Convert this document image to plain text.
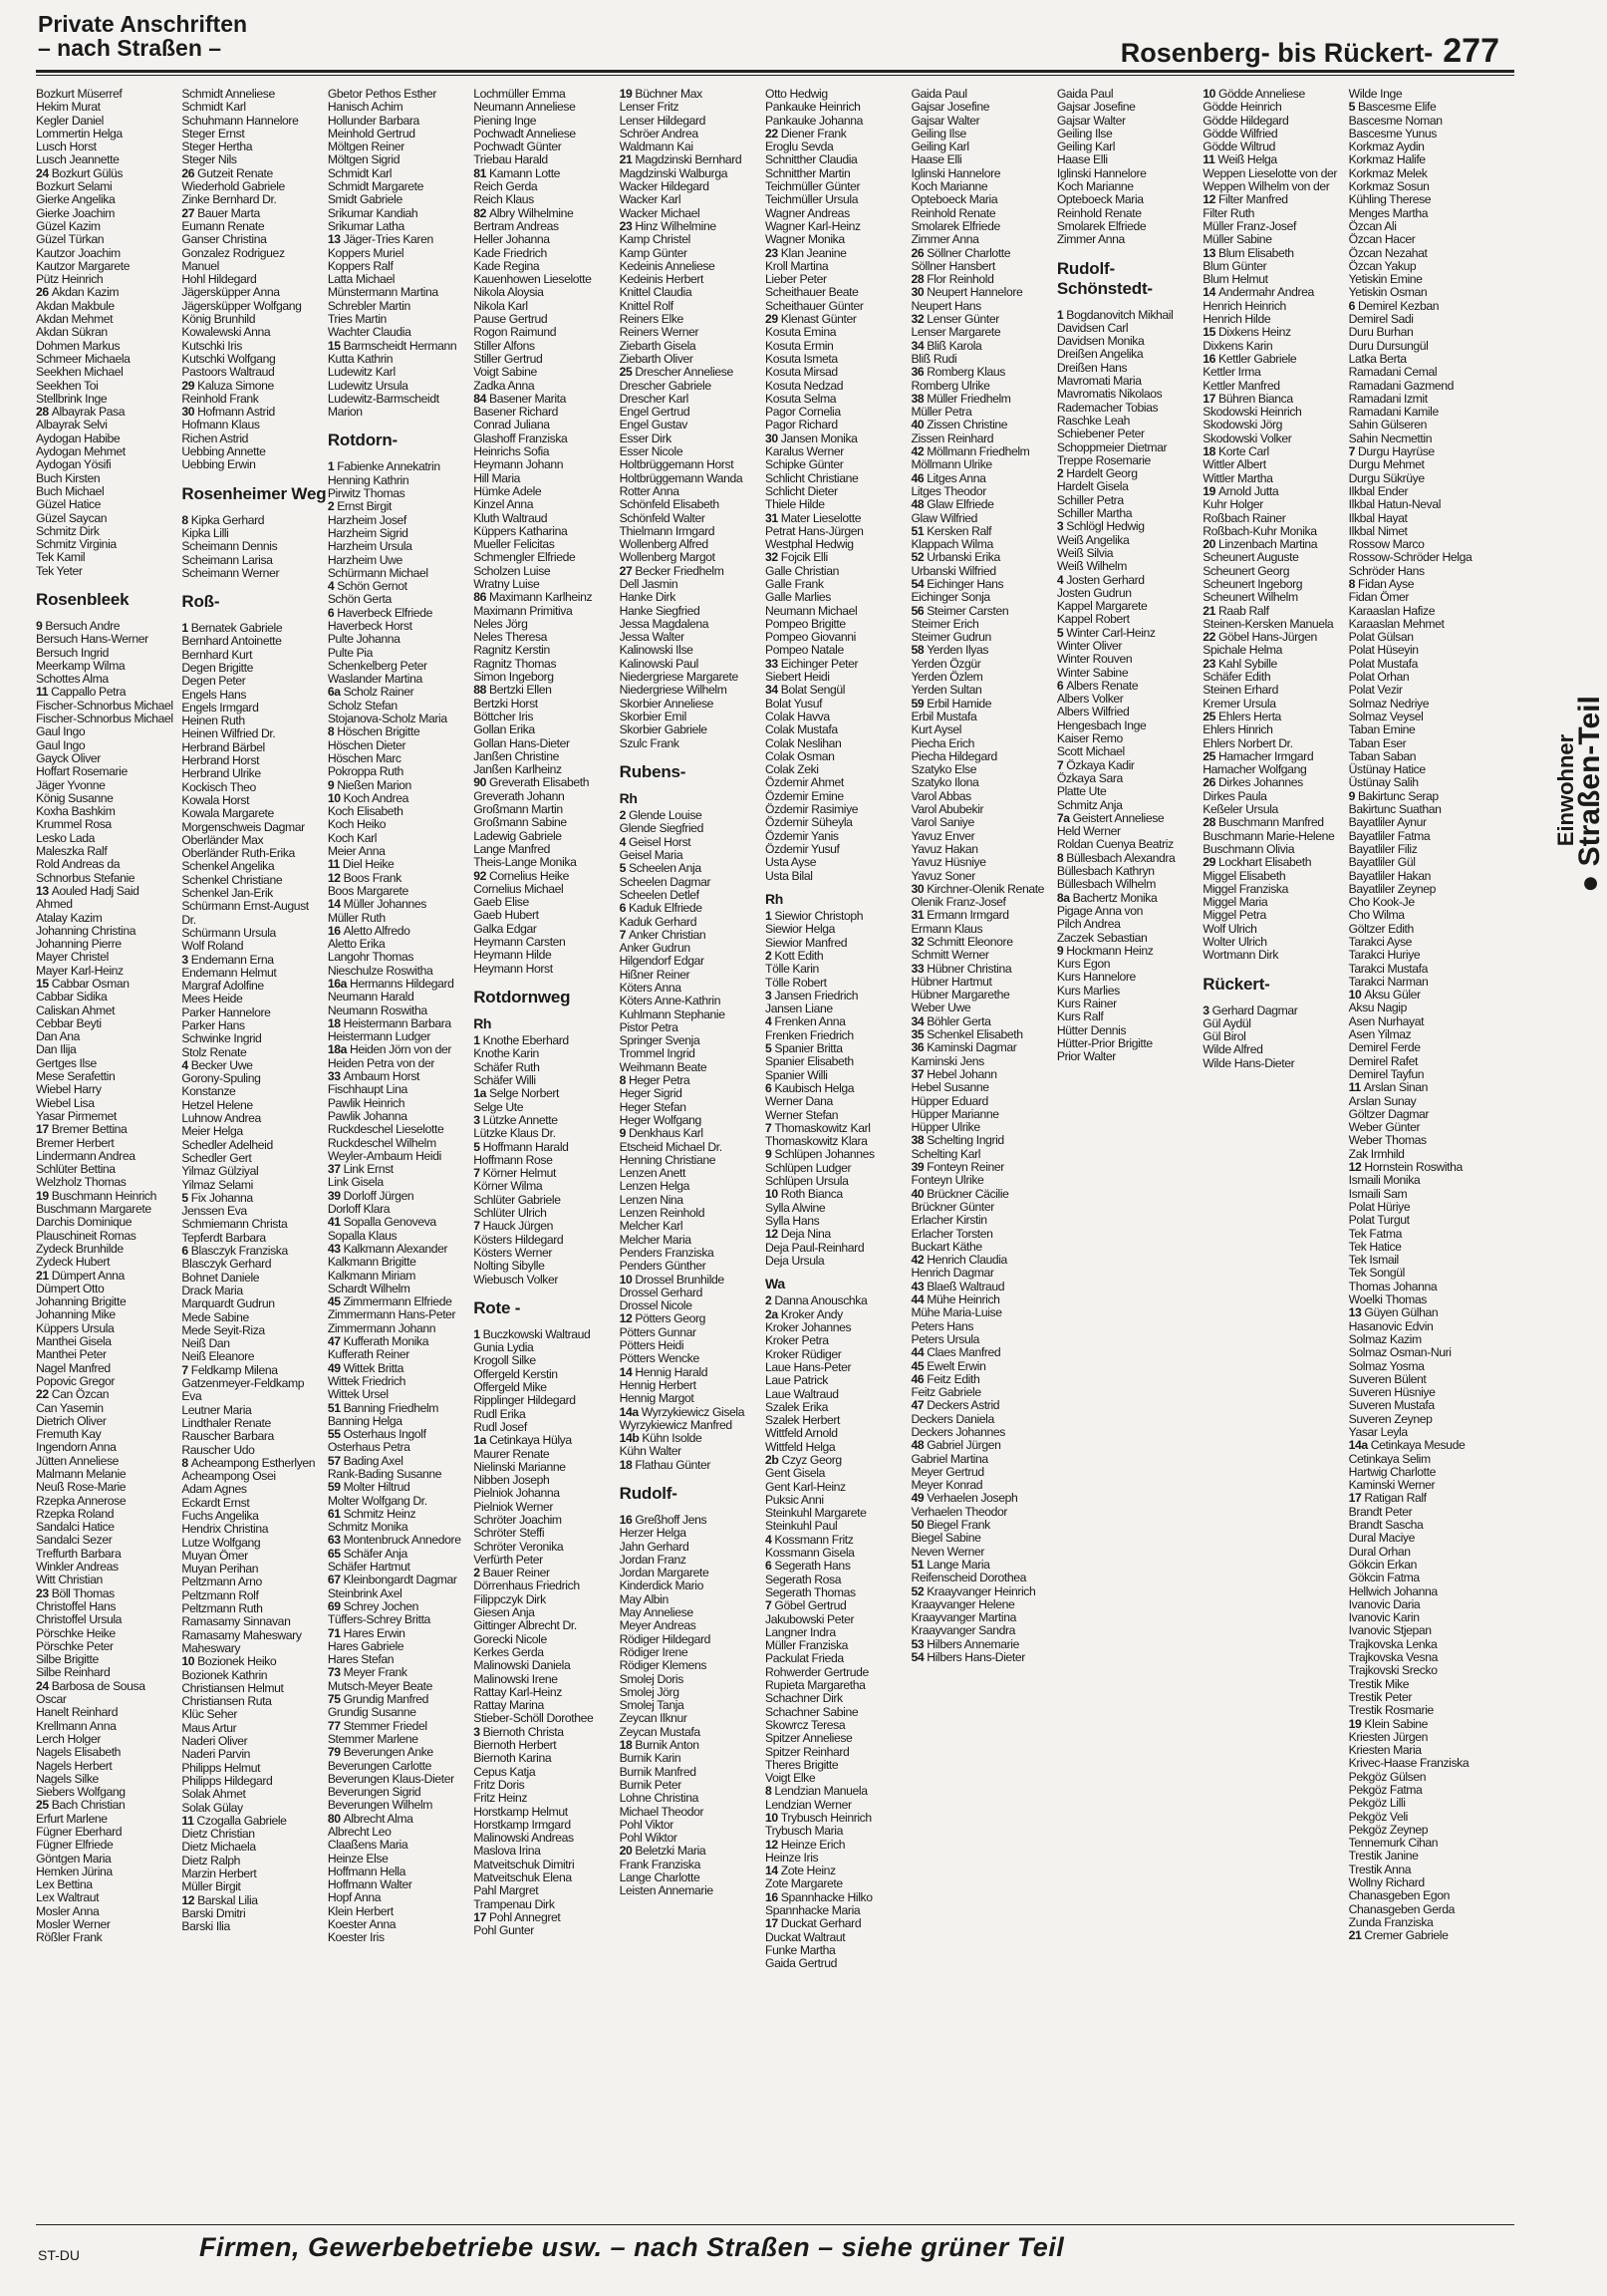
Private Anschriften
– nach Straßen –	Rosenberg- bis Rückert- 277
Bozkurt Müserref
Hekim Murat
Kegler Daniel
Lommertin Helga
Lusch Horst
Lusch Jeannette
24 Bozkurt Gülüs
Bozkurt Selami
Gierke Angelika
Gierke Joachim
Güzel Kazim
Güzel Türkan
Kautzor Joachim
Kautzor Margarete
Pütz Heinrich
26 Akdan Kazim
Akdan Makbule
Akdan Mehmet
Akdan Sükran
Dohmen Markus
Schmeer Michaela
Seekhen Michael
Seekhen Toi
Stellbrink Inge
28 Albayrak Pasa
Albayrak Selvi
Aydogan Habibe
Aydogan Mehmet
Aydogan Yösifi
Buch Kirsten
Buch Michael
Güzel Hatice
Güzel Saycan
Schmitz Dirk
Schmitz Virginia
Tek Kamil
Tek Yeter
Rosenbleek
9 Bersuch Andre
Bersuch Hans-Werner
Bersuch Ingrid
Meerkamp Wilma
Schottes Alma
11 Cappallo Petra
Fischer-Schnorbus Michael
Fischer-Schnorbus Michael
Gaul Ingo
Gaul Ingo
Gayck Oliver
Hoffart Rosemarie
Jäger Yvonne
König Susanne
Koxha Bashkim
Krummel Rosa
Lesko Lada
Maleszka Ralf
Rold Andreas da
Schnorbus Stefanie
13 Aouled Hadj Said
Ahmed
Atalay Kazim
Johanning Christina
Johanning Pierre
Mayer Christel
Mayer Karl-Heinz
15 Cabbar Osman
Cabbar Sidika
Caliskan Ahmet
Cebbar Beyti
Dan Ana
Dan Ilija
Gertges Ilse
Mese Serafettin
Wiebel Harry
Wiebel Lisa
Yasar Pirmemet
17 Bremer Bettina
Bremer Herbert
Lindermann Andrea
Schlüter Bettina
Welzholz Thomas
19 Buschmann Heinrich
Buschmann Margarete
Darchis Dominique
Plauschineit Romas
Zydeck Brunhilde
Zydeck Hubert
21 Dümpert Anna
Dümpert Otto
Johanning Brigitte
Johanning Mike
Küppers Ursula
Manthei Gisela
Manthei Peter
Nagel Manfred
Popovic Gregor
22 Can Özcan
Can Yasemin
Dietrich Oliver
Fremuth Kay
Ingendorn Anna
Jütten Anneliese
Malmann Melanie
Neuß Rose-Marie
Rzepka Annerose
Rzepka Roland
Sandalci Hatice
Sandalci Sezer
Treffurth Barbara
Winkler Andreas
Witt Christian
23 Böll Thomas
Christoffel Hans
Christoffel Ursula
Pörschke Heike
Pörschke Peter
Silbe Brigitte
Silbe Reinhard
24 Barbosa de Sousa
Oscar
Hanelt Reinhard
Krellmann Anna
Lerch Holger
Nagels Elisabeth
Nagels Herbert
Nagels Silke
Siebers Wolfgang
25 Bach Christian
Erfurt Marlene
Fügner Eberhard
Fügner Elfriede
Göntgen Maria
Hemken Jürina
Lex Bettina
Lex Waltraut
Mosler Anna
Mosler Werner
Rößler Frank
Schmidt Anneliese
Schmidt Karl
Schuhmann Hannelore
Steger Ernst
Steger Hertha
Steger Nils
26 Gutzeit Renate
Wiederhold Gabriele
Zinke Bernhard Dr.
27 Bauer Marta
Eumann Renate
Ganser Christina
Gonzalez Rodriguez
Manuel
Hohl Hildegard
Jägersküpper Anna
Jägersküpper Wolfgang
König Brunhild
Kowalewski Anna
Kutschki Iris
Kutschki Wolfgang
Pastoors Waltraud
29 Kaluza Simone
Reinhold Frank
30 Hofmann Astrid
Hofmann Klaus
Richen Astrid
Uebbing Annette
Uebbing Erwin
Rosenheimer Weg
8 Kipka Gerhard
Kipka Lilli
Scheimann Dennis
Scheimann Larisa
Scheimann Werner
Roß-
1 Bernatek Gabriele
Bernhard Antoinette
Bernhard Kurt
Degen Brigitte
Degen Peter
Engels Hans
Engels Irmgard
Heinen Ruth
Heinen Wilfried Dr.
Herbrand Bärbel
Herbrand Horst
Herbrand Ulrike
Kockisch Theo
Kowala Horst
Kowala Margarete
Morgenschweis Dagmar
Oberländer Max
Oberländer Ruth-Erika
Schenkel Angelika
Schenkel Christiane
Schenkel Jan-Erik
Schürmann Ernst-August
Dr.
Schürmann Ursula
Wolf Roland
3 Endemann Erna
Endemann Helmut
Margraf Adolfine
Mees Heide
Parker Hannelore
Parker Hans
Schwinke Ingrid
Stolz Renate
4 Becker Uwe
Gorony-Spuling
Konstanze
Hetzel Helene
Luhnow Andrea
Meier Helga
Schedler Adelheid
Schedler Gert
Yilmaz Gülziyal
Yilmaz Selami
5 Fix Johanna
Jenssen Eva
Schmiemann Christa
Tepferdt Barbara
6 Blasczyk Franziska
Blasczyk Gerhard
Bohnet Daniele
Drack Maria
Marquardt Gudrun
Mede Sabine
Mede Seyit-Riza
Neiß Dan
Neiß Eleanore
7 Feldkamp Milena
Gatzenmeyer-Feldkamp
Eva
Leutner Maria
Lindthaler Renate
Rauscher Barbara
Rauscher Udo
8 Acheampong Estherlyen
Acheampong Osei
Adam Agnes
Eckardt Ernst
Fuchs Angelika
Hendrix Christina
Lutze Wolfgang
Muyan Ömer
Muyan Perihan
Peltzmann Arno
Peltzmann Rolf
Peltzmann Ruth
Ramasamy Sinnavan
Ramasamy Maheswary
Maheswary
10 Bozionek Heiko
Bozionek Kathrin
Christiansen Helmut
Christiansen Ruta
Klüc Seher
Maus Artur
Naderi Oliver
Naderi Parvin
Philipps Helmut
Philipps Hildegard
Solak Ahmet
Solak Gülay
11 Czogalla Gabriele
Dietz Christian
Dietz Michaela
Dietz Ralph
Marzin Herbert
Müller Birgit
12 Barskal Lilia
Barski Dmitri
Barski Ilia
Gbetor Pethos Esther
Hanisch Achim
Hollunder Barbara
Meinhold Gertrud
Möltgen Reiner
Möltgen Sigrid
Schmidt Karl
Schmidt Margarete
Smidt Gabriele
Srikumar Kandiah
Srikumar Latha
13 Jäger-Tries Karen
Koppers Muriel
Koppers Ralf
Latta Michael
Münstermann Martina
Schrebler Martin
Tries Martin
Wachter Claudia
15 Barmscheidt Hermann
Kutta Kathrin
Ludewitz Karl
Ludewitz Ursula
Ludewitz-Barmscheidt
Marion
Rotdorn-
1 Fabienke Annekatrin
Henning Kathrin
Pirwitz Thomas
2 Ernst Birgit
Harzheim Josef
Harzheim Sigrid
Harzheim Ursula
Harzheim Uwe
Schürmann Michael
4 Schön Gernot
Schön Gerta
6 Haverbeck Elfriede
Haverbeck Horst
Pulte Johanna
Pulte Pia
Schenkelberg Peter
Waslander Martina
6a Scholz Rainer
Scholz Stefan
Stojanova-Scholz Maria
8 Höschen Brigitte
Höschen Dieter
Höschen Marc
Pokroppa Ruth
9 Nießen Marion
10 Koch Andrea
Koch Elisabeth
Koch Heiko
Koch Karl
Meier Anna
11 Diel Heike
12 Boos Frank
Boos Margarete
14 Müller Johannes
Müller Ruth
16 Aletto Alfredo
Aletto Erika
Langohr Thomas
Nieschulze Roswitha
16a Hermanns Hildegard
Neumann Harald
Neumann Roswitha
18 Heistermann Barbara
Heistermann Ludger
18a Heiden Jörn von der
Heiden Petra von der
33 Ambaum Horst
Fischhaupt Lina
Pawlik Heinrich
Pawlik Johanna
Ruckdeschel Lieselotte
Ruckdeschel Wilhelm
Weyler-Ambaum Heidi
37 Link Ernst
Link Gisela
39 Dorloff Jürgen
Dorloff Klara
41 Sopalla Genoveva
Sopalla Klaus
43 Kalkmann Alexander
Kalkmann Brigitte
Kalkmann Miriam
Schardt Wilhelm
45 Zimmermann Elfriede
Zimmermann Hans-Peter
Zimmermann Johann
47 Kufferath Monika
Kufferath Reiner
49 Wittek Britta
Wittek Friedrich
Wittek Ursel
51 Banning Friedhelm
Banning Helga
55 Osterhaus Ingolf
Osterhaus Petra
57 Bading Axel
Rank-Bading Susanne
59 Molter Hiltrud
Molter Wolfgang Dr.
61 Schmitz Heinz
Schmitz Monika
63 Montenbruck Annedore
65 Schäfer Anja
Schäfer Hartmut
67 Kleinbongardt Dagmar
Steinbrink Axel
69 Schrey Jochen
Tüffers-Schrey Britta
71 Hares Erwin
Hares Gabriele
Hares Stefan
73 Meyer Frank
Mutsch-Meyer Beate
75 Grundig Manfred
Grundig Susanne
77 Stemmer Friedel
Stemmer Marlene
79 Beverungen Anke
Beverungen Carlotte
Beverungen Klaus-Dieter
Beverungen Sigrid
Beverungen Wilhelm
80 Albrecht Alma
Albrecht Leo
Claaßens Maria
Heinze Else
Hoffmann Hella
Hoffmann Walter
Hopf Anna
Klein Herbert
Koester Anna
Koester Iris
Lochmüller Emma
Neumann Anneliese
Piening Inge
Pochwadt Anneliese
Pochwadt Günter
Triebau Harald
81 Kamann Lotte
Reich Gerda
Reich Klaus
82 Albry Wilhelmine
Bertram Andreas
Heller Johanna
Kade Friedrich
Kade Regina
Kauenhowen Lieselotte
Nikola Aloysia
Nikola Karl
Pause Gertrud
Rogon Raimund
Stiller Alfons
Stiller Gertrud
Voigt Sabine
Zadka Anna
84 Basener Marita
Basener Richard
Conrad Juliana
Glashoff Franziska
Heinrichs Sofia
Heymann Johann
Hill Maria
Hümke Adele
Kinzel Anna
Kluth Waltraud
Küppers Katharina
Mueller Felicitas
Schmengler Elfriede
Scholzen Luise
Wratny Luise
86 Maximann Karlheinz
Maximann Primitiva
Neles Jörg
Neles Theresa
Ragnitz Kerstin
Ragnitz Thomas
Simon Ingeborg
88 Bertzki Ellen
Bertzki Horst
Böttcher Iris
Gollan Erika
Gollan Hans-Dieter
Janßen Christine
Janßen Karlheinz
90 Greverath Elisabeth
Greverath Johann
Großmann Martin
Großmann Sabine
Ladewig Gabriele
Lange Manfred
Theis-Lange Monika
92 Cornelius Heike
Cornelius Michael
Gaeb Elise
Gaeb Hubert
Galka Edgar
Heymann Carsten
Heymann Hilde
Heymann Horst
Rotdornweg
Rh
1 Knothe Eberhard
Knothe Karin
Schäfer Ruth
Schäfer Willi
1a Selge Norbert
Selge Ute
3 Lützke Annette
Lützke Klaus Dr.
5 Hoffmann Harald
Hoffmann Rose
7 Körner Helmut
Körner Wilma
Schlüter Gabriele
Schlüter Ulrich
7 Hauck Jürgen
Kösters Hildegard
Kösters Werner
Nolting Sibylle
Wiebusch Volker
Rote -
1 Buczkowski Waltraud
Gunia Lydia
Krogoll Silke
Offergeld Kerstin
Offergeld Mike
Ripplinger Hildegard
Rudl Erika
Rudl Josef
1a Cetinkaya Hülya
Maurer Renate
Nielinski Marianne
Nibben Joseph
Pielniok Johanna
Pielniok Werner
Schröter Joachim
Schröter Steffi
Schröter Veronika
Verfürth Peter
2 Bauer Reiner
Dörrenhaus Friedrich
Filippczyk Dirk
Giesen Anja
Gittinger Albrecht Dr.
Gorecki Nicole
Kerkes Gerda
Malinowski Daniela
Malinowski Irene
Rattay Karl-Heinz
Rattay Marina
Stieber-Schöll Dorothee
3 Biernoth Christa
Biernoth Herbert
Biernoth Karina
Cepus Katja
Fritz Doris
Fritz Heinz
Horstkamp Helmut
Horstkamp Irmgard
Malinowski Andreas
Maslova Irina
Matveitschuk Dimitri
Matveitschuk Elena
Pahl Margret
Trampenau Dirk
17 Pohl Annegret
Pohl Gunter
19 Büchner Max
Lenser Fritz
Lenser Hildegard
Schröer Andrea
Waldmann Kai
21 Magdzinski Bernhard
Magdzinski Walburga
Wacker Hildegard
Wacker Karl
Wacker Michael
23 Hinz Wilhelmine
Kamp Christel
Kamp Günter
Kedeinis Anneliese
Kedeinis Herbert
Knittel Claudia
Knittel Rolf
Reiners Elke
Reiners Werner
Ziebarth Gisela
Ziebarth Oliver
25 Drescher Anneliese
Drescher Gabriele
Drescher Karl
Engel Gertrud
Engel Gustav
Esser Dirk
Esser Nicole
Holtbrüggemann Horst
Holtbrüggemann Wanda
Rotter Anna
Schönfeld Elisabeth
Schönfeld Walter
Thielmann Irmgard
Wollenberg Alfred
Wollenberg Margot
27 Becker Friedhelm
Dell Jasmin
Hanke Dirk
Hanke Siegfried
Jessa Magdalena
Jessa Walter
Kalinowski Ilse
Kalinowski Paul
Niedergriese Margarete
Niedergriese Wilhelm
Skorbier Anneliese
Skorbier Emil
Skorbier Gabriele
Szulc Frank
Rubens-
Rh
2 Glende Louise
Glende Siegfried
4 Geisel Horst
Geisel Maria
5 Scheelen Anja
Scheelen Dagmar
Scheelen Detlef
6 Kaduk Elfriede
Kaduk Gerhard
7 Anker Christian
Anker Gudrun
Hilgendorf Edgar
Hißner Reiner
Köters Anna
Köters Anne-Kathrin
Kuhlmann Stephanie
Pistor Petra
Springer Svenja
Trommel Ingrid
Weihmann Beate
8 Heger Petra
Heger Sigrid
Heger Stefan
Heger Wolfgang
9 Denkhaus Karl
Etscheid Michael Dr.
Henning Christiane
Lenzen Anett
Lenzen Helga
Lenzen Nina
Lenzen Reinhold
Melcher Karl
Melcher Maria
Penders Franziska
Penders Günther
10 Drossel Brunhilde
Drossel Gerhard
Drossel Nicole
12 Pötters Georg
Pötters Gunnar
Pötters Heidi
Pötters Wencke
14 Hennig Harald
Hennig Herbert
Hennig Margot
14a Wyrzykiewicz Gisela
Wyrzykiewicz Manfred
14b Kühn Isolde
Kühn Walter
18 Flathau Günter
Rudolf-
16 Greßhoff Jens
Herzer Helga
Jahn Gerhard
Jordan Franz
Jordan Margarete
Kinderdick Mario
May Albin
May Anneliese
Meyer Andreas
Rödiger Hildegard
Rödiger Irene
Rödiger Klemens
Smolej Doris
Smolej Jörg
Smolej Tanja
Zeycan Ilknur
Zeycan Mustafa
18 Burnik Anton
Burnik Karin
Burnik Manfred
Burnik Peter
Lohne Christina
Michael Theodor
Pohl Viktor
Pohl Wiktor
20 Beletzki Maria
Frank Franziska
Lange Charlotte
Leisten Annemarie
Otto Hedwig
Pankauke Heinrich
Pankauke Johanna
22 Diener Frank
Eroglu Sevda
Schnitther Claudia
Schnitther Martin
Teichmüller Günter
Teichmüller Ursula
Wagner Andreas
Wagner Karl-Heinz
Wagner Monika
23 Klan Jeanine
Kroll Martina
Lieber Peter
Scheithauer Beate
Scheithauer Günter
29 Klenast Günter
Kosuta Emina
Kosuta Ermin
Kosuta Ismeta
Kosuta Mirsad
Kosuta Nedzad
Kosuta Selma
Pagor Cornelia
Pagor Richard
30 Jansen Monika
Karalus Werner
Schipke Günter
Schlicht Christiane
Schlicht Dieter
Thiele Hilde
31 Mater Lieselotte
Petrat Hans-Jürgen
Westphal Hedwig
32 Fojcik Elli
Galle Christian
Galle Frank
Galle Marlies
Neumann Michael
Pompeo Brigitte
Pompeo Giovanni
Pompeo Natale
33 Eichinger Peter
Siebert Heidi
34 Bolat Sengül
Bolat Yusuf
Colak Havva
Colak Mustafa
Colak Neslihan
Colak Osman
Colak Zeki
Özdemir Ahmet
Özdemir Emine
Özdemir Rasimiye
Özdemir Süheyla
Özdemir Yanis
Özdemir Yusuf
Usta Ayse
Usta Bilal
Rh
1 Siewior Christoph
Siewior Helga
Siewior Manfred
2 Kott Edith
Tölle Karin
Tölle Robert
3 Jansen Friedrich
Jansen Liane
4 Frenken Anna
Frenken Friedrich
5 Spanier Britta
Spanier Elisabeth
Spanier Willi
6 Kaubisch Helga
Werner Dana
Werner Stefan
7 Thomaskowitz Karl
Thomaskowitz Klara
9 Schlüpen Johannes
Schlüpen Ludger
Schlüpen Ursula
10 Roth Bianca
Sylla Alwine
Sylla Hans
12 Deja Nina
Deja Paul-Reinhard
Deja Ursula
Wa
2 Danna Anouschka
2a Kroker Andy
Kroker Johannes
Kroker Petra
Kroker Rüdiger
Laue Hans-Peter
Laue Patrick
Laue Waltraud
Szalek Erika
Szalek Herbert
Wittfeld Arnold
Wittfeld Helga
2b Czyz Georg
Gent Gisela
Gent Karl-Heinz
Puksic Anni
Steinkuhl Margarete
Steinkuhl Paul
4 Kossmann Fritz
Kossmann Gisela
6 Segerath Hans
Segerath Rosa
Segerath Thomas
7 Göbel Gertrud
Jakubowski Peter
Langner Indra
Müller Franziska
Packulat Frieda
Rohwerder Gertrude
Rupieta Margaretha
Schachner Dirk
Schachner Sabine
Skowrcz Teresa
Spitzer Anneliese
Spitzer Reinhard
Theres Brigitte
Voigt Elke
8 Lendzian Manuela
Lendzian Werner
10 Trybusch Heinrich
Trybusch Maria
12 Heinze Erich
Heinze Iris
14 Zote Heinz
Zote Margarete
16 Spannhacke Hilko
Spannhacke Maria
17 Duckat Gerhard
Duckat Waltraut
Funke Martha
Gaida Gertrud
Gaida Paul
Gajsar Josefine
Gajsar Walter
Geiling Ilse
Geiling Karl
Haase Elli
Iglinski Hannelore
Koch Marianne
Opteboeck Maria
Reinhold Renate
Smolarek Elfriede
Zimmer Anna
26 Söllner Charlotte
Söllner Hansbert
28 Flor Reinhold
30 Neupert Hannelore
Neupert Hans
32 Lenser Günter
Lenser Margarete
34 Bliß Karola
Bliß Rudi
36 Romberg Klaus
Romberg Ulrike
38 Müller Friedhelm
Müller Petra
40 Zissen Christine
Zissen Reinhard
42 Möllmann Friedhelm
Möllmann Ulrike
46 Litges Anna
Litges Theodor
48 Glaw Elfriede
Glaw Wilfried
51 Kersken Ralf
Klappach Wilma
52 Urbanski Erika
Urbanski Wilfried
54 Eichinger Hans
Eichinger Sonja
56 Steimer Carsten
Steimer Erich
Steimer Gudrun
58 Yerden Ilyas
Yerden Özgür
Yerden Özlem
Yerden Sultan
59 Erbil Hamide
Erbil Mustafa
Kurt Aysel
Piecha Erich
Piecha Hildegard
Szatyko Else
Szatyko Ilona
Varol Abbas
Varol Abubekir
Varol Saniye
Yavuz Enver
Yavuz Hakan
Yavuz Hüsniye
Yavuz Soner
30 Kirchner-Olenik Renate
Olenik Franz-Josef
31 Ermann Irmgard
Ermann Klaus
32 Schmitt Eleonore
Schmitt Werner
33 Hübner Christina
Hübner Hartmut
Hübner Margarethe
Weber Uwe
34 Böhler Gerta
35 Schenkel Elisabeth
36 Kaminski Dagmar
Kaminski Jens
37 Hebel Johann
Hebel Susanne
Hüpper Eduard
Hüpper Marianne
Hüpper Ulrike
38 Schelting Ingrid
Schelting Karl
39 Fonteyn Reiner
Fonteyn Ulrike
40 Brückner Cäcilie
Brückner Günter
Erlacher Kirstin
Erlacher Torsten
Buckart Käthe
42 Henrich Claudia
Henrich Dagmar
43 Blaeß Waltraud
44 Mühe Heinrich
Mühe Maria-Luise
Peters Hans
Peters Ursula
44 Claes Manfred
45 Ewelt Erwin
46 Feitz Edith
Feitz Gabriele
47 Deckers Astrid
Deckers Daniela
Deckers Johannes
48 Gabriel Jürgen
Gabriel Martina
Meyer Gertrud
Meyer Konrad
49 Verhaelen Joseph
Verhaelen Theodor
50 Biegel Frank
Biegel Sabine
Neven Werner
51 Lange Maria
Reifenscheid Dorothea
52 Kraayvanger Heinrich
Kraayvanger Helene
Kraayvanger Martina
Kraayvanger Sandra
53 Hilbers Annemarie
54 Hilbers Hans-Dieter
Gaida Paul
Gajsar Josefine
Gajsar Walter
Geiling Ilse
Geiling Karl
Haase Elli
Iglinski Hannelore
Koch Marianne
Opteboeck Maria
Reinhold Renate
Smolarek Elfriede
Zimmer Anna
Rudolf-Schönstedt-
1 Bogdanovitch Mikhail
Davidsen Carl
Davidsen Monika
Dreißen Angelika
Dreißen Hans
Mavromati Maria
Mavromatis Nikolaos
Rademacher Tobias
Raschke Leah
Schiebener Peter
Schoppmeier Dietmar
Treppe Rosemarie
2 Hardelt Georg
Hardelt Gisela
Schiller Petra
Schiller Martha
3 Schlögl Hedwig
Weiß Angelika
Weiß Silvia
Weiß Wilhelm
4 Josten Gerhard
Josten Gudrun
Kappel Margarete
Kappel Robert
5 Winter Carl-Heinz
Winter Oliver
Winter Rouven
Winter Sabine
6 Albers Renate
Albers Volker
Albers Wilfried
Hengesbach Inge
Kaiser Remo
Scott Michael
7 Özkaya Kadir
Özkaya Sara
Platte Ute
Schmitz Anja
7a Geistert Anneliese
Held Werner
Roldan Cuenya Beatriz
8 Büllesbach Alexandra
Büllesbach Kathryn
Büllesbach Wilhelm
8a Bachertz Monika
Pigage Anna von
Pilch Andrea
Zaczek Sebastian
9 Hockmann Heinz
Kurs Egon
Kurs Hannelore
Kurs Marlies
Kurs Rainer
Kurs Ralf
Hütter Dennis
Hütter-Prior Brigitte
Prior Walter
10 Gödde Anneliese
Gödde Heinrich
Gödde Hildegard
Gödde Wilfried
Gödde Wiltrud
11 Weiß Helga
Weppen Lieselotte von der
Weppen Wilhelm von der
12 Filter Manfred
Filter Ruth
Müller Franz-Josef
Müller Sabine
13 Blum Elisabeth
Blum Günter
Blum Helmut
14 Andermahr Andrea
Henrich Heinrich
Henrich Hilde
15 Dixkens Heinz
Dixkens Karin
16 Kettler Gabriele
Kettler Irma
Kettler Manfred
17 Bühren Bianca
Skodowski Heinrich
Skodowski Jörg
Skodowski Volker
18 Korte Carl
Wittler Albert
Wittler Martha
19 Arnold Jutta
Kuhr Holger
Roßbach Rainer
Roßbach-Kuhr Monika
20 Linzenbach Martina
Scheunert Auguste
Scheunert Georg
Scheunert Ingeborg
Scheunert Wilhelm
21 Raab Ralf
Steinen-Kersken Manuela
22 Göbel Hans-Jürgen
Spichale Helma
23 Kahl Sybille
Schäfer Edith
Steinen Erhard
Kremer Ursula
25 Ehlers Herta
Ehlers Hinrich
Ehlers Norbert Dr.
25 Hamacher Irmgard
Hamacher Wolfgang
26 Dirkes Johannes
Dirkes Paula
Keßeler Ursula
28 Buschmann Manfred
Buschmann Marie-Helene
Buschmann Olivia
29 Lockhart Elisabeth
Miggel Elisabeth
Miggel Franziska
Miggel Maria
Miggel Petra
Wolf Ulrich
Wolter Ulrich
Wortmann Dirk
Rückert-
3 Gerhard Dagmar
Gül Aydül
Gül Birol
Wilde Alfred
Wilde Hans-Dieter
Wilde Inge
5 Bascesme Elife
Bascesme Noman
Bascesme Yunus
Korkmaz Aydin
Korkmaz Halife
Korkmaz Melek
Korkmaz Sosun
Kühling Therese
Menges Martha
Özcan Ali
Özcan Hacer
Özcan Nezahat
Özcan Yakup
Yetiskin Emine
Yetiskin Osman
6 Demirel Kezban
Demirel Sadi
Duru Burhan
Duru Dursungül
Latka Berta
Ramadani Cemal
Ramadani Gazmend
Ramadani Izmit
Ramadani Kamile
Sahin Gülseren
Sahin Necmettin
7 Durgu Hayrüse
Durgu Mehmet
Durgu Sükrüye
Ilkbal Ender
Ilkbal Hatun-Neval
Ilkbal Hayat
Ilkbal Nimet
Rossow Marco
Rossow-Schröder Helga
Schröder Hans
8 Fidan Ayse
Fidan Ömer
Karaaslan Hafize
Karaaslan Mehmet
Polat Gülsan
Polat Hüseyin
Polat Mustafa
Polat Orhan
Polat Vezir
Solmaz Nedriye
Solmaz Veysel
Taban Emine
Taban Eser
Taban Saban
Üstünay Hatice
Üstünay Salih
9 Bakirtunc Serap
Bakirtunc Suathan
Bayatliler Aynur
Bayatliler Fatma
Bayatliler Filiz
Bayatliler Gül
Bayatliler Hakan
Bayatliler Zeynep
Cho Kook-Je
Cho Wilma
Göltzer Edith
Tarakci Ayse
Tarakci Huriye
Tarakci Mustafa
Tarakci Narman
10 Aksu Güler
Aksu Nagip
Asen Nurhayat
Asen Yilmaz
Demirel Ferde
Demirel Rafet
Demirel Tayfun
11 Arslan Sinan
Arslan Sunay
Göltzer Dagmar
Weber Günter
Weber Thomas
Zak Irmhild
12 Hornstein Roswitha
Ismaili Monika
Ismaili Sam
Polat Hüriye
Polat Turgut
Tek Fatma
Tek Hatice
Tek Ismail
Tek Songül
Thomas Johanna
Woelki Thomas
13 Güyen Gülhan
Hasanovic Edvin
Solmaz Kazim
Solmaz Osman-Nuri
Solmaz Yosma
Suveren Bülent
Suveren Hüsniye
Suveren Mustafa
Suveren Zeynep
Yasar Leyla
14a Cetinkaya Mesude
Cetinkaya Selim
Hartwig Charlotte
Kaminski Werner
17 Ratigan Ralf
Brandt Peter
Brandt Sascha
Dural Maciye
Dural Orhan
Gökcin Erkan
Gökcin Fatma
Hellwich Johanna
Ivanovic Daria
Ivanovic Karin
Ivanovic Stjepan
Trajkovska Lenka
Trajkovska Vesna
Trajkovski Srecko
Trestik Mike
Trestik Peter
Trestik Rosmarie
19 Klein Sabine
Kriesten Jürgen
Kriesten Maria
Krivec-Haase Franziska
Pekgöz Gülsen
Pekgöz Fatma
Pekgöz Lilli
Pekgöz Veli
Pekgöz Zeynep
Tennemurk Cihan
Trestik Janine
Trestik Anna
Wollny Richard
Chanasgeben Egon
Chanasgeben Gerda
Zunda Franziska
21 Cremer Gabriele
Einwohner
● Straßen-Teil
ST-DU	Firmen, Gewerbebetriebe usw. – nach Straßen – siehe grüner Teil
